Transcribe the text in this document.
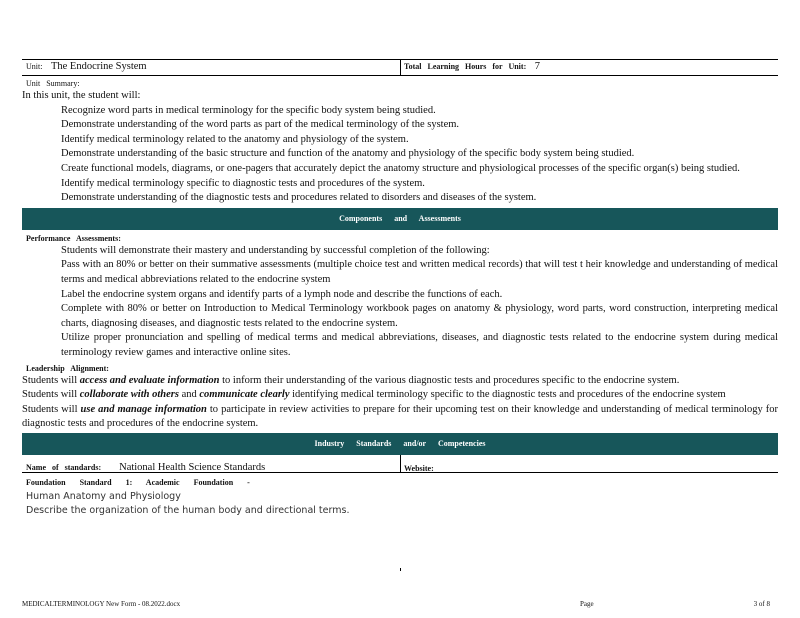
Unit: The Endocrine System	Total Learning Hours for Unit: 7
Unit Summary:
In this unit, the student will:
Recognize word parts in medical terminology for the specific body system being studied.
Demonstrate understanding of the word parts as part of the medical terminology of the system.
Identify medical terminology related to the anatomy and physiology of the system.
Demonstrate understanding of the basic structure and function of the anatomy and physiology of the specific body system being studied.
Create functional models, diagrams, or one-pagers that accurately depict the anatomy structure and physiological processes of the specific organ(s) being studied.
Identify medical terminology specific to diagnostic tests and procedures of the system.
Demonstrate understanding of the diagnostic tests and procedures related to disorders and diseases of the system.
Components and Assessments
Performance Assessments:
Students will demonstrate their mastery and understanding by successful completion of the following:
Pass with an 80% or better on their summative assessments (multiple choice test and written medical records) that will test t heir knowledge and understanding of medical terms and medical abbreviations related to the endocrine system
Label the endocrine system organs and identify parts of a lymph node and describe the functions of each.
Complete with 80% or better on Introduction to Medical Terminology workbook pages on anatomy & physiology, word parts, word construction, interpreting medical charts, diagnosing diseases, and diagnostic tests related to the endocrine system.
Utilize proper pronunciation and spelling of medical terms and medical abbreviations, diseases, and diagnostic tests related to the endocrine system during medical terminology review games and interactive online sites.
Leadership Alignment:
Students will access and evaluate information to inform their understanding of the various diagnostic tests and procedures specific to the endocrine system.
Students will collaborate with others and communicate clearly identifying medical terminology specific to the diagnostic tests and procedures of the endocrine system
Students will use and manage information to participate in review activities to prepare for their upcoming test on their knowledge and understanding of medical terminology for diagnostic tests and procedures of the endocrine system.
Industry Standards and/or Competencies
Name of standards: National Health Science Standards	Website:
Foundation Standard 1: Academic Foundation -
Human Anatomy and Physiology
Describe the organization of the human body and directional terms.
MEDICALTERMINOLOGY New Form - 08.2022.docx	Page	3 of 8
